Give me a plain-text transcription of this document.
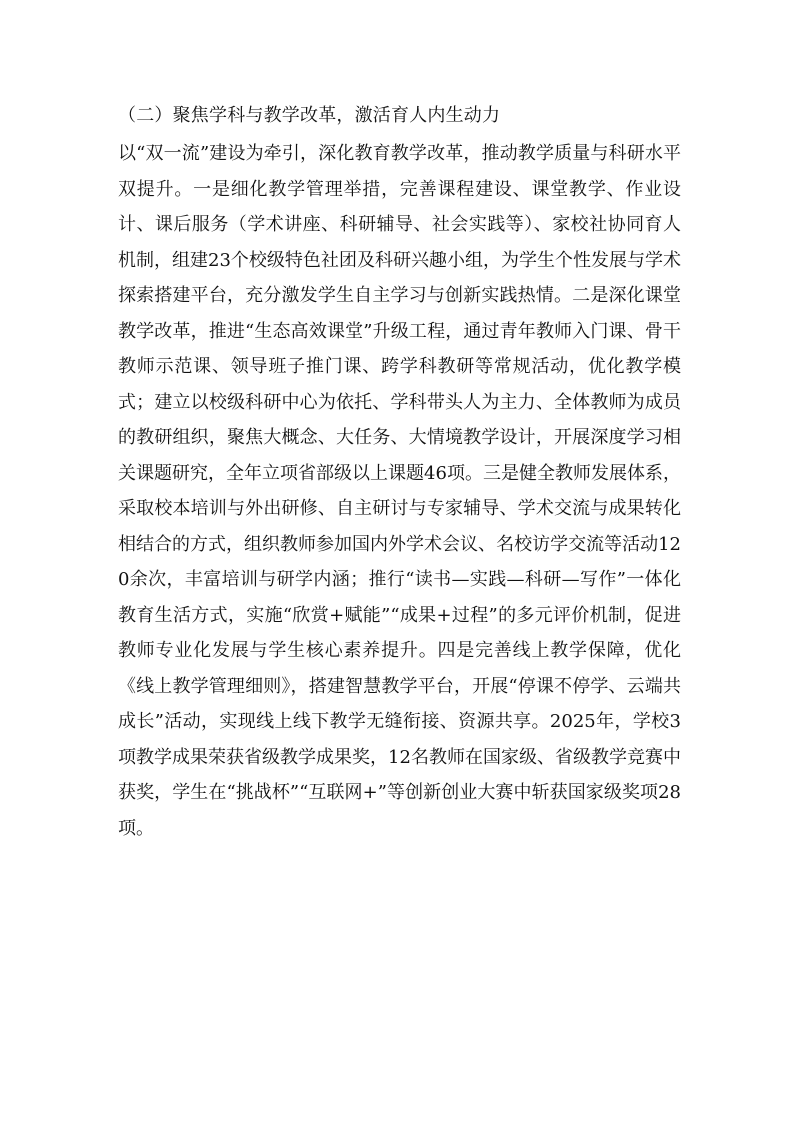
（二）聚焦学科与教学改革，激活育人内生动力

以“双一流”建设为牵引，深化教育教学改革，推动教学质量与科研水平双提升。一是细化教学管理举措，完善课程建设、课堂教学、作业设计、课后服务（学术讲座、科研辅导、社会实践等）、家校社协同育人机制，组建23个校级特色社团及科研兴趣小组，为学生个性发展与学术探索搭建平台，充分激发学生自主学习与创新实践热情。二是深化课堂教学改革，推进“生态高效课堂”升级工程，通过青年教师入门课、骨干教师示范课、领导班子推门课、跨学科教研等常规活动，优化教学模式；建立以校级科研中心为依托、学科带头人为主力、全体教师为成员的教研组织，聚焦大概念、大任务、大情境教学设计，开展深度学习相关课题研究，全年立项省部级以上课题46项。三是健全教师发展体系，采取校本培训与外出研修、自主研讨与专家辅导、学术交流与成果转化相结合的方式，组织教师参加国内外学术会议、名校访学交流等活动120余次，丰富培训与研学内涵；推行“读书—实践—科研—写作”一体化教育生活方式，实施“欣赏+赋能”“成果+过程”的多元评价机制，促进教师专业化发展与学生核心素养提升。四是完善线上教学保障，优化《线上教学管理细则》，搭建智慧教学平台，开展“停课不停学、云端共成长”活动，实现线上线下教学无缝衔接、资源共享。2025年，学校3项教学成果荣获省级教学成果奖，12名教师在国家级、省级教学竞赛中获奖，学生在“挑战杯”“互联网+”等创新创业大赛中斩获国家级奖项28项。
